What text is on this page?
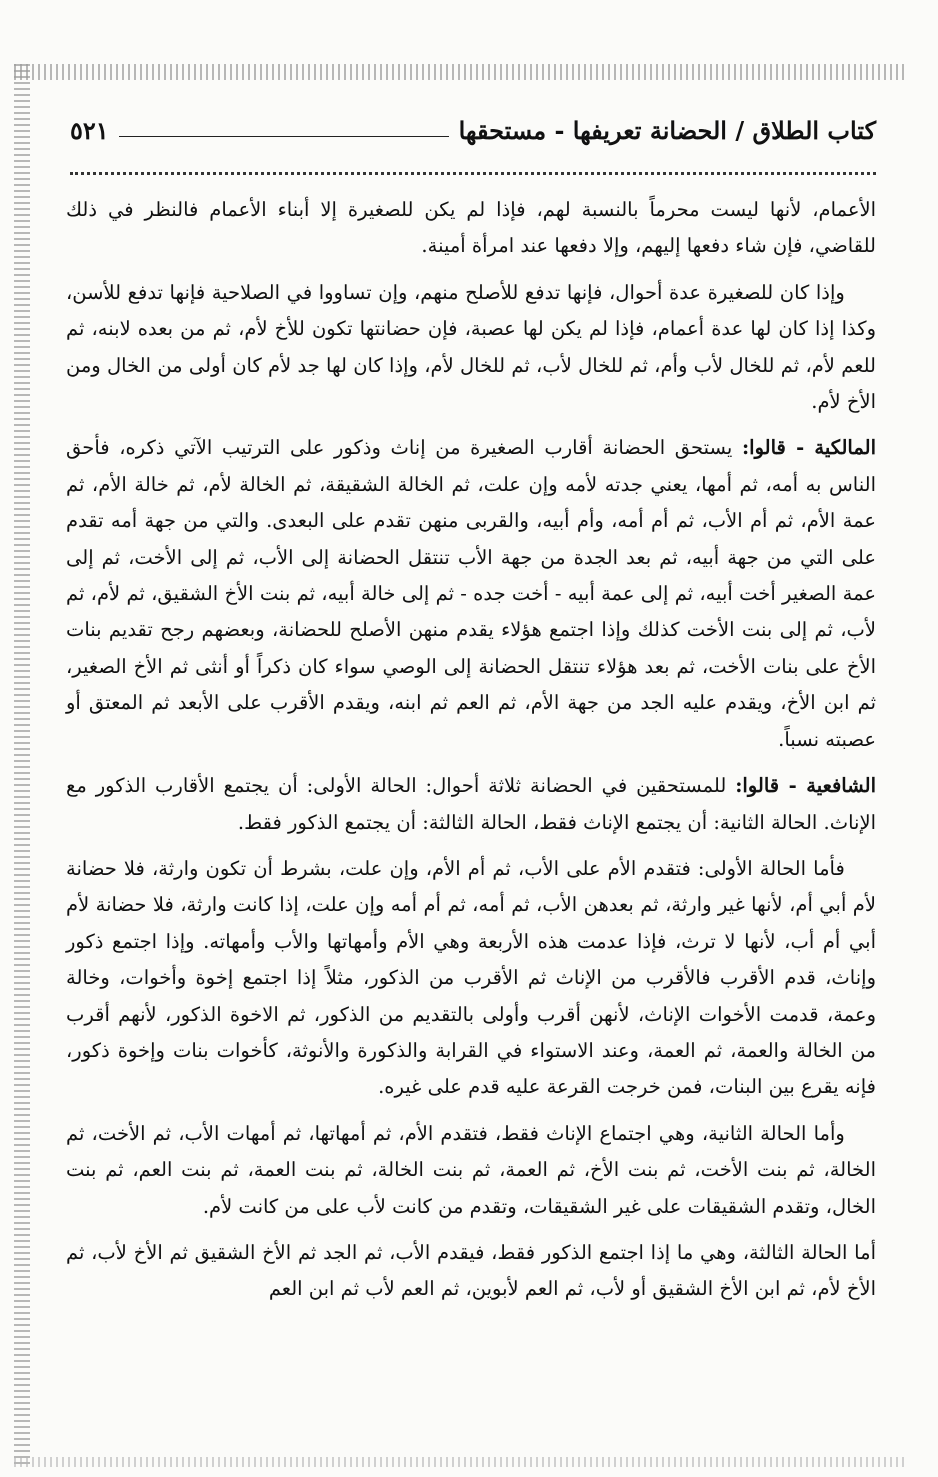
كتاب الطلاق / الحضانة تعريفها - مستحقها
٥٢١

الأعمام، لأنها ليست محرماً بالنسبة لهم، فإذا لم يكن للصغيرة إلا أبناء الأعمام فالنظر في ذلك للقاضي، فإن شاء دفعها إليهم، وإلا دفعها عند امرأة أمينة.

وإذا كان للصغيرة عدة أحوال، فإنها تدفع للأصلح منهم، وإن تساووا في الصلاحية فإنها تدفع للأسن، وكذا إذا كان لها عدة أعمام، فإذا لم يكن لها عصبة، فإن حضانتها تكون للأخ لأم، ثم من بعده لابنه، ثم للعم لأم، ثم للخال لأب وأم، ثم للخال لأب، ثم للخال لأم، وإذا كان لها جد لأم كان أولى من الخال ومن الأخ لأم.

المالكية - قالوا: يستحق الحضانة أقارب الصغيرة من إناث وذكور على الترتيب الآتي ذكره، فأحق الناس به أمه، ثم أمها، يعني جدته لأمه وإن علت، ثم الخالة الشقيقة، ثم الخالة لأم، ثم خالة الأم، ثم عمة الأم، ثم أم الأب، ثم أم أمه، وأم أبيه، والقربى منهن تقدم على البعدى. والتي من جهة أمه تقدم على التي من جهة أبيه، ثم بعد الجدة من جهة الأب تنتقل الحضانة إلى الأب، ثم إلى الأخت، ثم إلى عمة الصغير أخت أبيه، ثم إلى عمة أبيه - أخت جده - ثم إلى خالة أبيه، ثم بنت الأخ الشقيق، ثم لأم، ثم لأب، ثم إلى بنت الأخت كذلك وإذا اجتمع هؤلاء يقدم منهن الأصلح للحضانة، وبعضهم رجح تقديم بنات الأخ على بنات الأخت، ثم بعد هؤلاء تنتقل الحضانة إلى الوصي سواء كان ذكراً أو أنثى ثم الأخ الصغير، ثم ابن الأخ، ويقدم عليه الجد من جهة الأم، ثم العم ثم ابنه، ويقدم الأقرب على الأبعد ثم المعتق أو عصبته نسباً.

الشافعية - قالوا: للمستحقين في الحضانة ثلاثة أحوال: الحالة الأولى: أن يجتمع الأقارب الذكور مع الإناث. الحالة الثانية: أن يجتمع الإناث فقط، الحالة الثالثة: أن يجتمع الذكور فقط.

فأما الحالة الأولى: فتقدم الأم على الأب، ثم أم الأم، وإن علت، بشرط أن تكون وارثة، فلا حضانة لأم أبي أم، لأنها غير وارثة، ثم بعدهن الأب، ثم أمه، ثم أم أمه وإن علت، إذا كانت وارثة، فلا حضانة لأم أبي أم أب، لأنها لا ترث، فإذا عدمت هذه الأربعة وهي الأم وأمهاتها والأب وأمهاته. وإذا اجتمع ذكور وإناث، قدم الأقرب فالأقرب من الإناث ثم الأقرب من الذكور، مثلاً إذا اجتمع إخوة وأخوات، وخالة وعمة، قدمت الأخوات الإناث، لأنهن أقرب وأولى بالتقديم من الذكور، ثم الاخوة الذكور، لأنهم أقرب من الخالة والعمة، ثم العمة، وعند الاستواء في القرابة والذكورة والأنوثة، كأخوات بنات وإخوة ذكور، فإنه يقرع بين البنات، فمن خرجت القرعة عليه قدم على غيره.

وأما الحالة الثانية، وهي اجتماع الإناث فقط، فتقدم الأم، ثم أمهاتها، ثم أمهات الأب، ثم الأخت، ثم الخالة، ثم بنت الأخت، ثم بنت الأخ، ثم العمة، ثم بنت الخالة، ثم بنت العمة، ثم بنت العم، ثم بنت الخال، وتقدم الشقيقات على غير الشقيقات، وتقدم من كانت لأب على من كانت لأم.

أما الحالة الثالثة، وهي ما إذا اجتمع الذكور فقط، فيقدم الأب، ثم الجد ثم الأخ الشقيق ثم الأخ لأب، ثم الأخ لأم، ثم ابن الأخ الشقيق أو لأب، ثم العم لأبوين، ثم العم لأب ثم ابن العم
